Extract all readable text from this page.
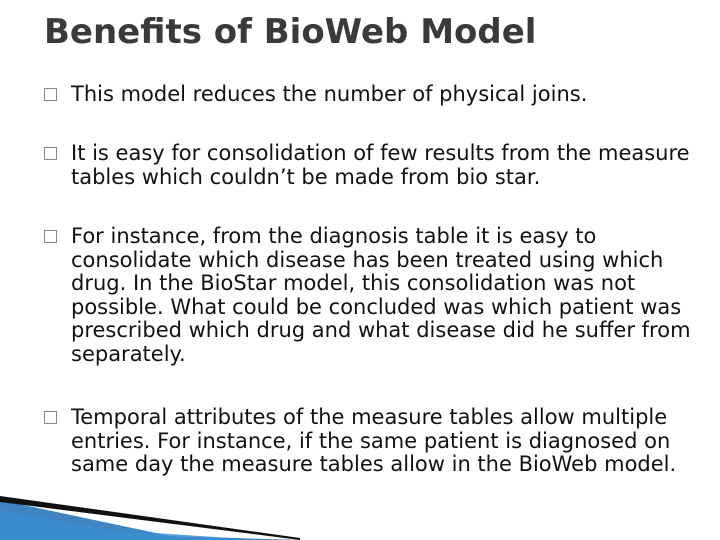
Benefits of BioWeb Model
This model reduces the number of physical joins.
It is easy for consolidation of few results from the measure tables which couldn’t be made from bio star.
For instance, from the diagnosis table it is easy to consolidate which disease has been treated using which drug. In the BioStar model, this consolidation was not possible. What could be concluded was which patient was prescribed which drug and what disease did he suffer from separately.
Temporal attributes of the measure tables allow multiple entries. For instance, if the same patient is diagnosed on same day the measure tables allow in the BioWeb model.
